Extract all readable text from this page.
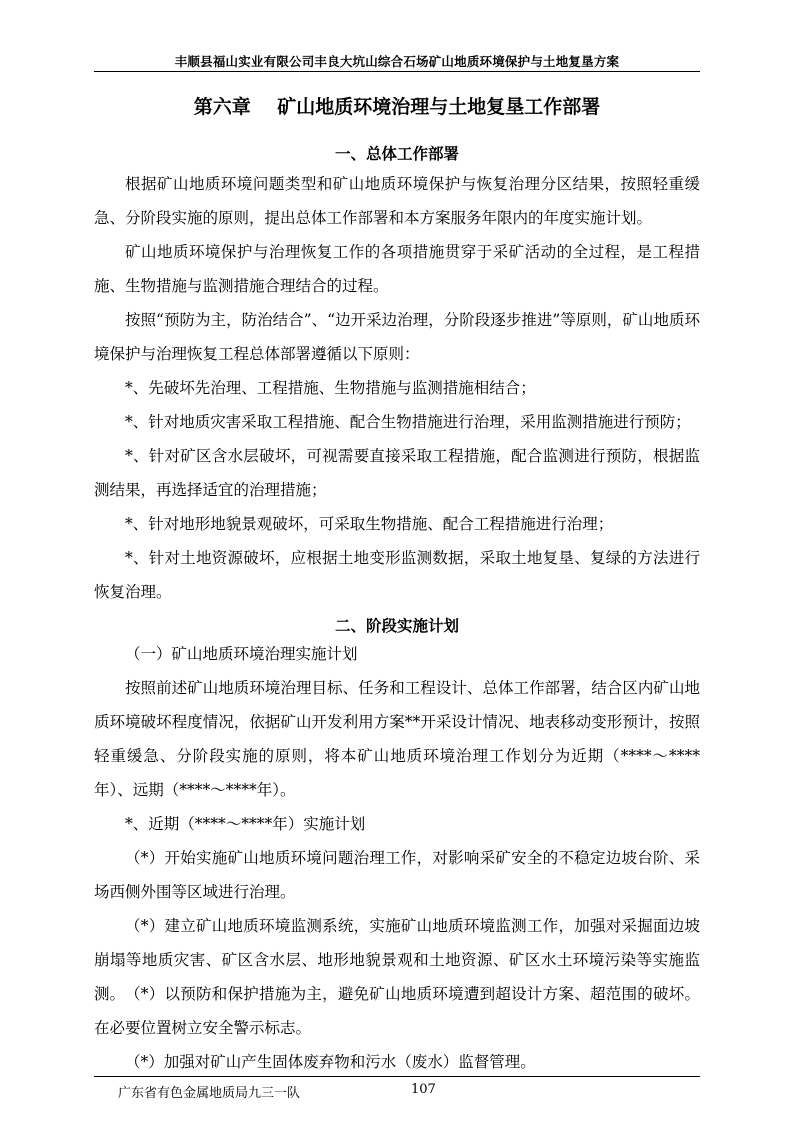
丰顺县福山实业有限公司丰良大坑山综合石场矿山地质环境保护与土地复垦方案
第六章    矿山地质环境治理与土地复垦工作部署
一、总体工作部署
根据矿山地质环境问题类型和矿山地质环境保护与恢复治理分区结果，按照轻重缓急、分阶段实施的原则，提出总体工作部署和本方案服务年限内的年度实施计划。
矿山地质环境保护与治理恢复工作的各项措施贯穿于采矿活动的全过程，是工程措施、生物措施与监测措施合理结合的过程。
按照“预防为主，防治结合”、“边开采边治理，分阶段逐步推进”等原则，矿山地质环境保护与治理恢复工程总体部署遵循以下原则：
*、先破坏先治理、工程措施、生物措施与监测措施相结合；
*、针对地质灾害采取工程措施、配合生物措施进行治理，采用监测措施进行预防；
*、针对矿区含水层破坏，可视需要直接采取工程措施，配合监测进行预防，根据监测结果，再选择适宜的治理措施；
*、针对地形地貌景观破坏，可采取生物措施、配合工程措施进行治理；
*、针对土地资源破坏，应根据土地变形监测数据，采取土地复垦、复绿的方法进行恢复治理。
二、阶段实施计划
（一）矿山地质环境治理实施计划
按照前述矿山地质环境治理目标、任务和工程设计、总体工作部署，结合区内矿山地质环境破坏程度情况，依据矿山开发利用方案**开采设计情况、地表移动变形预计，按照轻重缓急、分阶段实施的原则，将本矿山地质环境治理工作划分为近期（****～****年）、远期（****～****年）。
*、近期（****～****年）实施计划
（*）开始实施矿山地质环境问题治理工作，对影响采矿安全的不稳定边坡台阶、采场西侧外围等区域进行治理。
（*）建立矿山地质环境监测系统，实施矿山地质环境监测工作，加强对采掘面边坡崩塌等地质灾害、矿区含水层、地形地貌景观和土地资源、矿区水土环境污染等实施监测。 （*）以预防和保护措施为主，避免矿山地质环境遭到超设计方案、超范围的破坏。在必要位置树立安全警示标志。
（*）加强对矿山产生固体废弃物和污水（废水）监督管理。
广东省有色金属地质局九三一队	107
